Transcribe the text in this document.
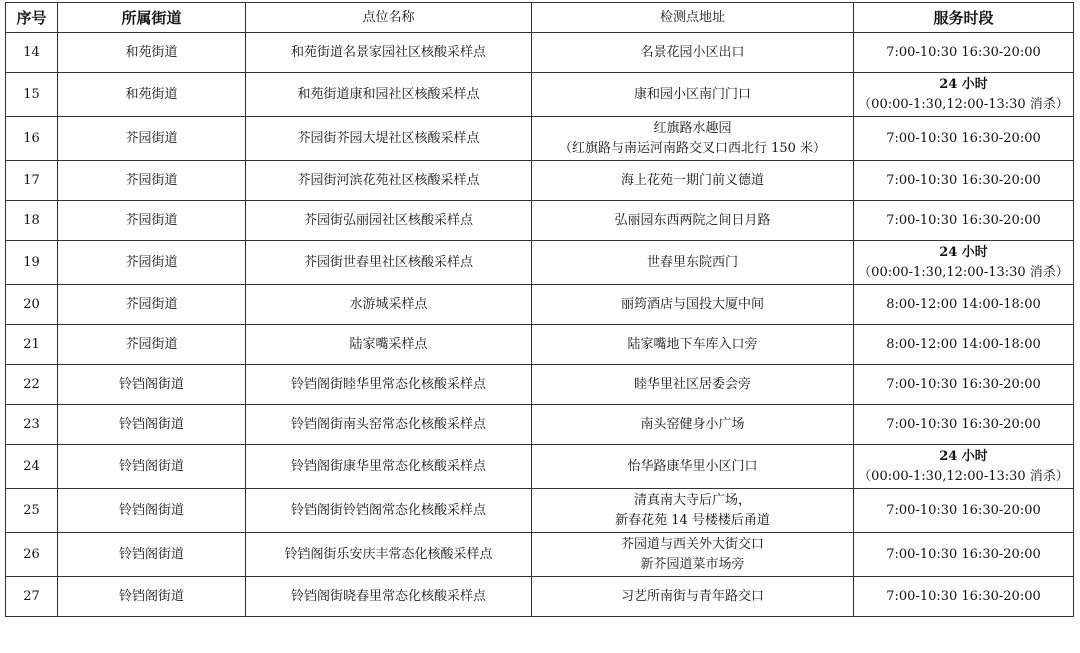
序号	所属街道	点位名称	检测点地址	服务时段
14	和苑街道	和苑街道名景家园社区核酸采样点	名景花园小区出口	7:00-10:30 16:30-20:00

15	和苑街道	和苑街道康和园社区核酸采样点	康和园小区南门门口	24 小时
（00:00-1:30,12:00-13:30 消杀）

16	芥园街道	芥园街芥园大堤社区核酸采样点	红旗路水趣园
（红旗路与南运河南路交叉口西北行 150 米）	7:00-10:30 16:30-20:00

17	芥园街道	芥园街河滨花苑社区核酸采样点	海上花苑一期门前义德道	7:00-10:30 16:30-20:00

18	芥园街道	芥园街弘丽园社区核酸采样点	弘丽园东西两院之间日月路	7:00-10:30 16:30-20:00

19	芥园街道	芥园街世春里社区核酸采样点	世春里东院西门	24 小时
（00:00-1:30,12:00-13:30 消杀）

20	芥园街道	水游城采样点	丽筠酒店与国投大厦中间	8:00-12:00 14:00-18:00

21	芥园街道	陆家嘴采样点	陆家嘴地下车库入口旁	8:00-12:00 14:00-18:00

22	铃铛阁街道	铃铛阁街睦华里常态化核酸采样点	睦华里社区居委会旁	7:00-10:30 16:30-20:00

23	铃铛阁街道	铃铛阁街南头窑常态化核酸采样点	南头窑健身小广场	7:00-10:30 16:30-20:00

24	铃铛阁街道	铃铛阁街康华里常态化核酸采样点	怡华路康华里小区门口	24 小时
（00:00-1:30,12:00-13:30 消杀）

25	铃铛阁街道	铃铛阁街铃铛阁常态化核酸采样点	清真南大寺后广场，
新春花苑 14 号楼楼后甬道	7:00-10:30 16:30-20:00

26	铃铛阁街道	铃铛阁街乐安庆丰常态化核酸采样点	芥园道与西关外大街交口
新芥园道菜市场旁	7:00-10:30 16:30-20:00

27	铃铛阁街道	铃铛阁街晓春里常态化核酸采样点	习艺所南街与青年路交口	7:00-10:30 16:30-20:00
